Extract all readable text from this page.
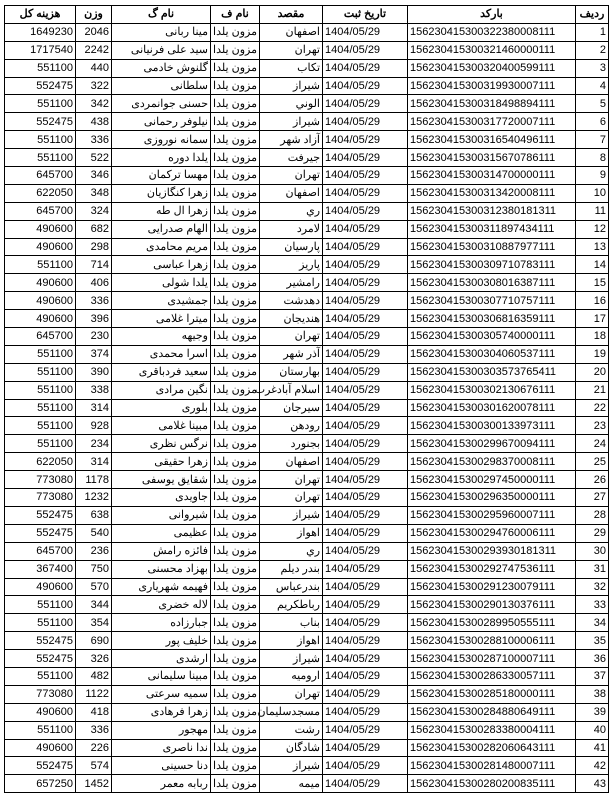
هزینه کل	وزن	نام گ	نام ف	مقصد	تاریخ ثبت	بارکد	ردیف
1649230	2046	مینا ربانی	مزون یلدا	اصفهان	1404/05/29	156230415300322380008111	1
1717540	2242	سید علی فرنیانی	مزون یلدا	تهران	1404/05/29	156230415300321460000111	2
551100	440	گلنوش خادمی	مزون یلدا	تکاب	1404/05/29	156230415300320400599111	3
552475	322	سلطانی	مزون یلدا	شیراز	1404/05/29	156230415300319930007111	4
551100	342	حسنی جوانمردی	مزون یلدا	الوني	1404/05/29	156230415300318498894111	5
552475	438	نیلوفر رحمانی	مزون یلدا	شیراز	1404/05/29	156230415300317720007111	6
551100	336	سمانه نوروزی	مزون یلدا	آزاد شهر	1404/05/29	156230415300316540496111	7
551100	522	یلدا دوره	مزون یلدا	جیرفت	1404/05/29	156230415300315670786111	8
645700	346	مهسا ترکمان	مزون یلدا	تهران	1404/05/29	156230415300314700000111	9
622050	348	زهرا کنگازیان	مزون یلدا	اصفهان	1404/05/29	156230415300313420008111	10
645700	324	زهرا ال طه	مزون یلدا	ري	1404/05/29	156230415300312380181311	11
490600	682	الهام صدرایی	مزون یلدا	لامرد	1404/05/29	156230415300311897434111	12
490600	298	مریم محامدی	مزون یلدا	پارسیان	1404/05/29	156230415300310887977111	13
551100	714	زهرا عباسی	مزون یلدا	پاریز	1404/05/29	156230415300309710783111	14
490600	406	یلدا شولی	مزون یلدا	رامشیر	1404/05/29	156230415300308016387111	15
490600	336	جمشیدی	مزون یلدا	دهدشت	1404/05/29	156230415300307710757111	16
490600	396	میترا غلامی	مزون یلدا	هندیجان	1404/05/29	156230415300306816359111	17
645700	230	وجیهه	مزون یلدا	تهران	1404/05/29	156230415300305740000111	18
551100	374	اسرا محمدی	مزون یلدا	آذر شهر	1404/05/29	156230415300304060537111	19
551100	390	سعید فردباقری	مزون یلدا	بهارستان	1404/05/29	156230415300303573765411	20
551100	338	نگین مرادی	مزون یلدا	اسلام آبادغرب	1404/05/29	156230415300302130676111	21
551100	314	بلوری	مزون یلدا	سیرجان	1404/05/29	156230415300301620078111	22
551100	928	مبینا غلامی	مزون یلدا	رودهن	1404/05/29	156230415300300133973111	23
551100	234	نرگس نظری	مزون یلدا	بجنورد	1404/05/29	156230415300299670094111	24
622050	314	زهرا حقیقی	مزون یلدا	اصفهان	1404/05/29	156230415300298370008111	25
773080	1178	شقایق یوسفی	مزون یلدا	تهران	1404/05/29	156230415300297450000111	26
773080	1232	جاویدی	مزون یلدا	تهران	1404/05/29	156230415300296350000111	27
552475	638	شیروانی	مزون یلدا	شیراز	1404/05/29	156230415300295960007111	28
552475	540	عظیمی	مزون یلدا	اهواز	1404/05/29	156230415300294760006111	29
645700	236	فائزه رامش	مزون یلدا	ري	1404/05/29	156230415300293930181311	30
367400	750	بهزاد محسنی	مزون یلدا	بندر دیلم	1404/05/29	156230415300292747536111	31
490600	570	فهیمه شهریاری	مزون یلدا	بندرعباس	1404/05/29	156230415300291230079111	32
551100	344	لاله خضری	مزون یلدا	رباطکریم	1404/05/29	156230415300290130376111	33
551100	354	جبارزاده	مزون یلدا	بناب	1404/05/29	156230415300289950555111	34
552475	690	خلیف پور	مزون یلدا	اهواز	1404/05/29	156230415300288100006111	35
552475	326	ارشدی	مزون یلدا	شیراز	1404/05/29	156230415300287100007111	36
551100	482	مبینا سلیمانی	مزون یلدا	ارومیه	1404/05/29	156230415300286330057111	37
773080	1122	سمیه سرعتی	مزون یلدا	تهران	1404/05/29	156230415300285180000111	38
490600	418	زهرا فرهادی	مزون یلدا	مسجدسلیمان	1404/05/29	156230415300284880649111	39
551100	336	مهجور	مزون یلدا	رشت	1404/05/29	156230415300283380004111	40
490600	226	ندا ناصری	مزون یلدا	شادگان	1404/05/29	156230415300282060643111	41
552475	574	دنا حسینی	مزون یلدا	شیراز	1404/05/29	156230415300281480007111	42
657250	1452	ربابه معمر	مزون یلدا	میمه	1404/05/29	156230415300280200835111	43
